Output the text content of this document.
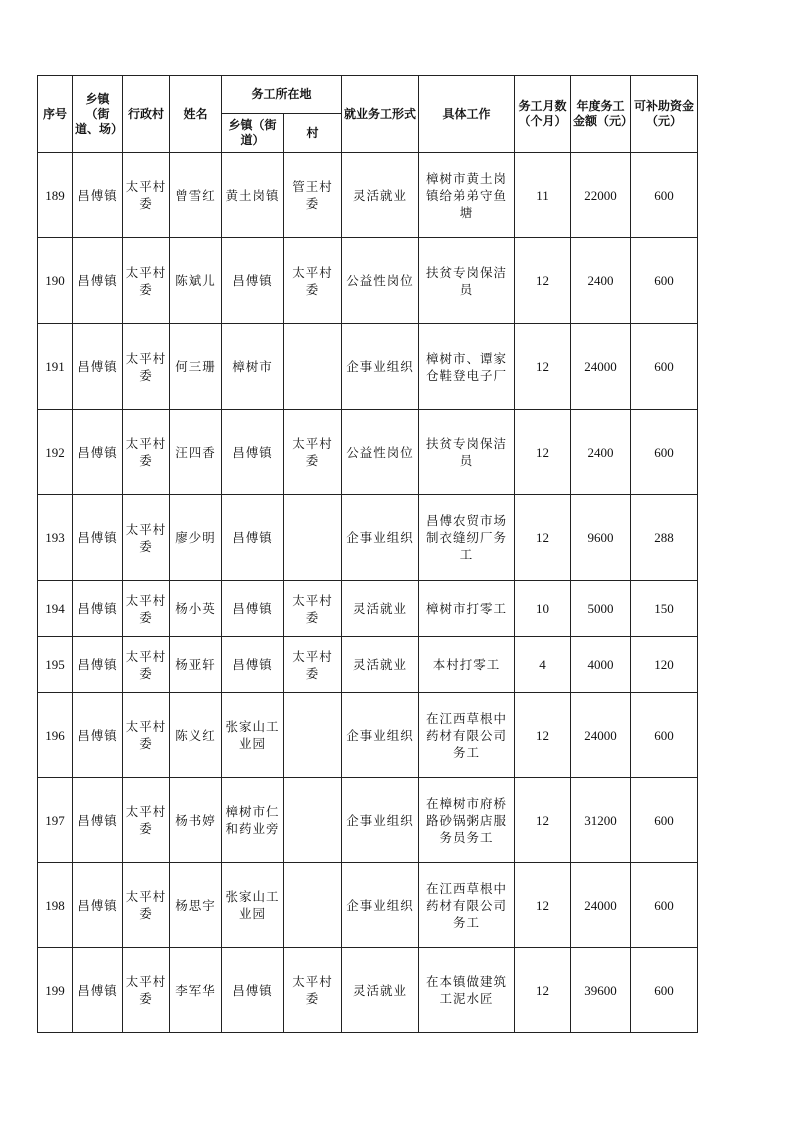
序号	乡镇（街道、场）	行政村	姓名	务工所在地		就业务工形式	具体工作	务工月数（个月）	年度务工金额（元）	可补助资金（元）
				乡镇（街道）	村					
189	昌傅镇	太平村委	曾雪红	黄土岗镇	管王村委	灵活就业	樟树市黄土岗镇给弟弟守鱼塘	11	22000	600
190	昌傅镇	太平村委	陈斌儿	昌傅镇	太平村委	公益性岗位	扶贫专岗保洁员	12	2400	600
191	昌傅镇	太平村委	何三珊	樟树市		企事业组织	樟树市、谭家仓鞋登电子厂	12	24000	600
192	昌傅镇	太平村委	汪四香	昌傅镇	太平村委	公益性岗位	扶贫专岗保洁员	12	2400	600
193	昌傅镇	太平村委	廖少明	昌傅镇		企事业组织	昌傅农贸市场制衣缝纫厂务工	12	9600	288
194	昌傅镇	太平村委	杨小英	昌傅镇	太平村委	灵活就业	樟树市打零工	10	5000	150
195	昌傅镇	太平村委	杨亚轩	昌傅镇	太平村委	灵活就业	本村打零工	4	4000	120
196	昌傅镇	太平村委	陈义红	张家山工业园		企事业组织	在江西草根中药材有限公司务工	12	24000	600
197	昌傅镇	太平村委	杨书婷	樟树市仁和药业旁		企事业组织	在樟树市府桥路砂锅粥店服务员务工	12	31200	600
198	昌傅镇	太平村委	杨思宇	张家山工业园		企事业组织	在江西草根中药材有限公司务工	12	24000	600
199	昌傅镇	太平村委	李军华	昌傅镇	太平村委	灵活就业	在本镇做建筑工泥水匠	12	39600	600
